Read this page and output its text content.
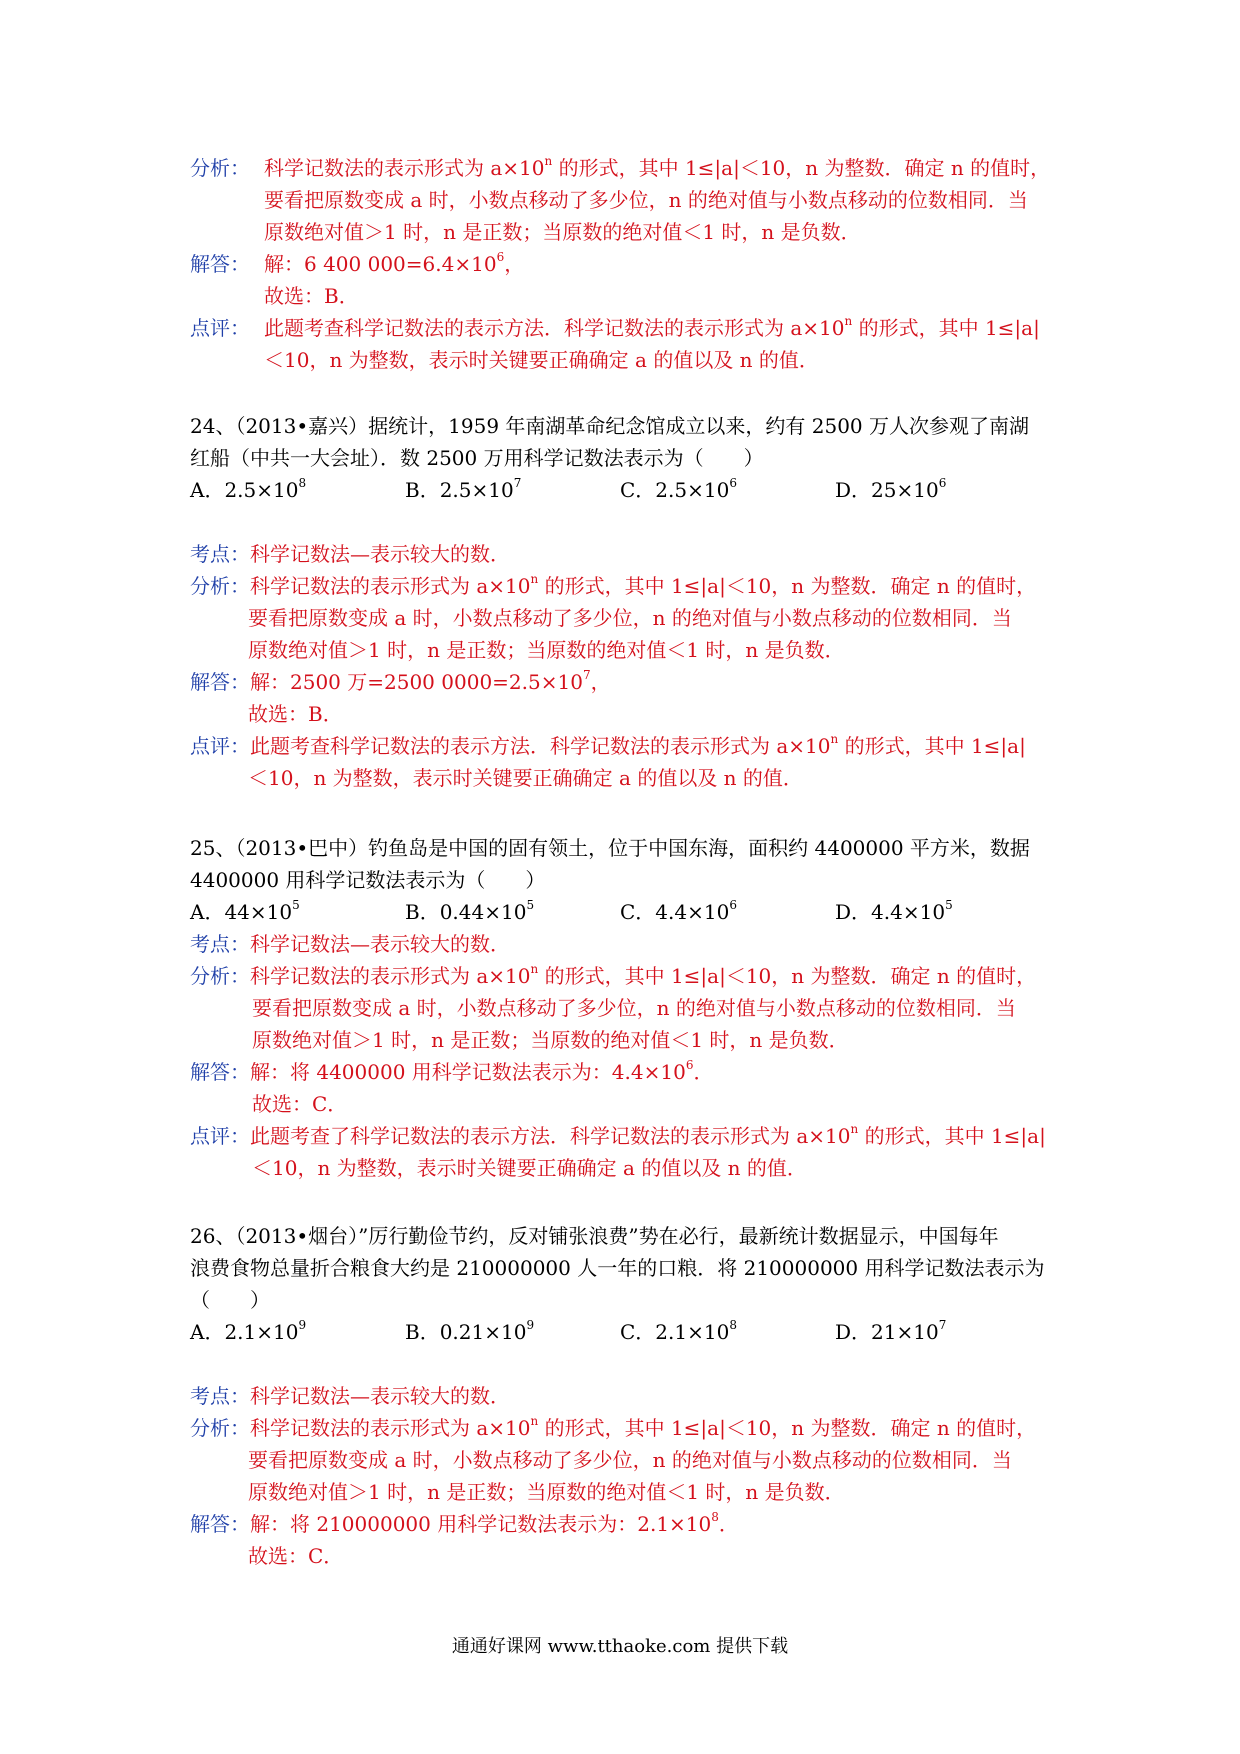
分析： 科学记数法的表示形式为 $a\times 10^n$ 的形式，其中 1≤|a|＜10，n 为整数．确定 n 的值时，
要看把原数变成 a 时，小数点移动了多少位，n 的绝对值与小数点移动的位数相同．当
原数绝对值＞1 时，n 是正数；当原数的绝对值＜1 时，n 是负数．
解答： 解：6 400 $000=6.4\times 10^6$，
故选：B．
点评： 此题考查科学记数法的表示方法．科学记数法的表示形式为 $a\times 10^n$ 的形式，其中 1≤|a|
＜10，n 为整数，表示时关键要正确确定 a 的值以及 n 的值．
24、（2013•嘉兴）据统计，1959 年南湖革命纪念馆成立以来，约有 2500 万人次参观了南湖
红船（中共一大会址）．数 2500 万用科学记数法表示为（　　）
A．$2.5\times 10^8$	B．$2.5\times 10^7$	C．$2.5\times 10^6$	D．$25\times 10^6$
考点：科学记数法—表示较大的数．
分析：科学记数法的表示形式为 $a\times 10^n$ 的形式，其中 1≤|a|＜10，n 为整数．确定 n 的值时，
要看把原数变成 a 时，小数点移动了多少位，n 的绝对值与小数点移动的位数相同．当
原数绝对值＞1 时，n 是正数；当原数的绝对值＜1 时，n 是负数．
解答：解：2500 万=2500 $0000=2.5\times 10^7$，
故选：B．
点评：此题考查科学记数法的表示方法．科学记数法的表示形式为 $a\times 10^n$ 的形式，其中 1≤|a|
＜10，n 为整数，表示时关键要正确确定 a 的值以及 n 的值．
25、（2013•巴中）钓鱼岛是中国的固有领土，位于中国东海，面积约 4400000 平方米，数据
4400000 用科学记数法表示为（　　）
A．$44\times 10^5$	B．$0.44\times 10^5$	C．$4.4\times 10^6$	D．$4.4\times 10^5$
考点：科学记数法—表示较大的数．
分析：科学记数法的表示形式为 $a\times 10^n$ 的形式，其中 1≤|a|＜10，n 为整数．确定 n 的值时，
要看把原数变成 a 时，小数点移动了多少位，n 的绝对值与小数点移动的位数相同．当
原数绝对值＞1 时，n 是正数；当原数的绝对值＜1 时，n 是负数．
解答：解：将 4400000 用科学记数法表示为：$4.4\times 10^6$．
故选：C．
点评：此题考查了科学记数法的表示方法．科学记数法的表示形式为 $a\times 10^n$ 的形式，其中 1≤|a|
＜10，n 为整数，表示时关键要正确确定 a 的值以及 n 的值．
26、（2013•烟台）”厉行勤俭节约，反对铺张浪费”势在必行，最新统计数据显示，中国每年
浪费食物总量折合粮食大约是 210000000 人一年的口粮．将 210000000 用科学记数法表示为
（　　）
A．$2.1\times 10^9$	B．$0.21\times 10^9$	C．$2.1\times 10^8$	D．$21\times 10^7$
考点：科学记数法—表示较大的数．
分析：科学记数法的表示形式为 $a\times 10^n$ 的形式，其中 1≤|a|＜10，n 为整数．确定 n 的值时，
要看把原数变成 a 时，小数点移动了多少位，n 的绝对值与小数点移动的位数相同．当
原数绝对值＞1 时，n 是正数；当原数的绝对值＜1 时，n 是负数．
解答：解：将 210000000 用科学记数法表示为：$2.1\times 10^8$．
故选：C．
通通好课网 www.tthaoke.com 提供下载
